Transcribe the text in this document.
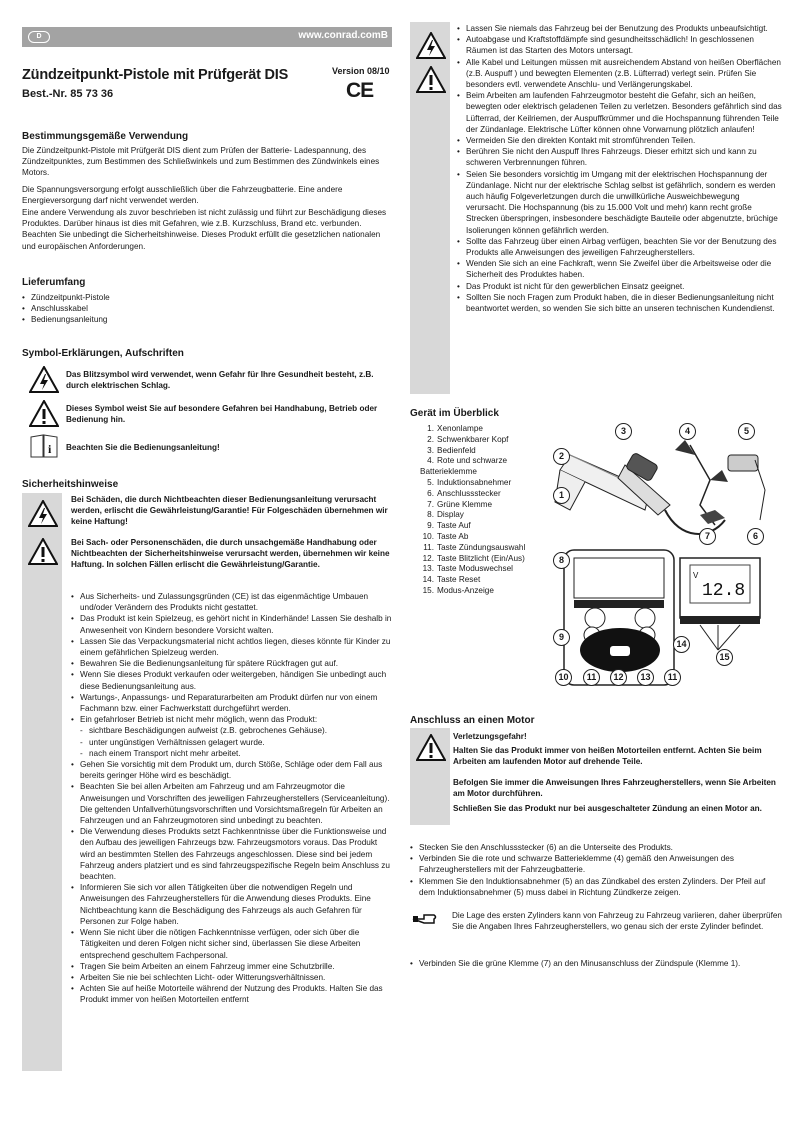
D	www.conrad.comB
Zündzeitpunkt-Pistole mit Prüfgerät DIS
Best.-Nr. 85 73 36
Version 08/10
CE
Bestimmungsgemäße Verwendung

Die Zündzeitpunkt-Pistole mit Prüfgerät DIS dient zum Prüfen der Batterie- Ladespannung, des Zündzeitpunktes, zum Bestimmen des Schließwinkels und zum Bestimmen des Zündwinkels eines Motors.

Die Spannungsversorgung erfolgt ausschließlich über die Fahrzeugbatterie. Eine andere Energieversorgung darf nicht verwendet werden.

Eine andere Verwendung als zuvor beschrieben ist nicht zulässig und führt zur Beschädigung dieses Produktes. Darüber hinaus ist dies mit Gefahren, wie z.B. Kurzschluss, Brand etc. verbunden. Beachten Sie unbedingt die Sicherheitshinweise. Dieses Produkt erfüllt die gesetzlichen nationalen und europäischen Anforderungen.

Lieferumfang
• Zündzeitpunkt-Pistole
• Anschlusskabel
• Bedienungsanleitung
Symbol-Erklärungen, Aufschriften

Das Blitzsymbol wird verwendet, wenn Gefahr für Ihre Gesundheit besteht, z.B. durch elektrischen Schlag.

Dieses Symbol weist Sie auf besondere Gefahren bei Handhabung, Betrieb oder Bedienung hin.

i Beachten Sie die Bedienungsanleitung!

Sicherheitshinweise

Bei Schäden, die durch Nichtbeachten dieser Bedienungsanleitung verursacht werden, erlischt die Gewährleistung/Garantie! Für Folgeschäden übernehmen wir keine Haftung!

Bei Sach- oder Personenschäden, die durch unsachgemäße Handhabung oder Nichtbeachten der Sicherheitshinweise verursacht werden, übernehmen wir keine Haftung. In solchen Fällen erlischt die Gewährleistung/Garantie.

• Aus Sicherheits- und Zulassungsgründen (CE) ist das eigenmächtige Umbauen und/oder Verändern des Produkts nicht gestattet.
• Das Produkt ist kein Spielzeug, es gehört nicht in Kinderhände! Lassen Sie deshalb in Anwesenheit von Kindern besondere Vorsicht walten.
• Lassen Sie das Verpackungsmaterial nicht achtlos liegen, dieses könnte für Kinder zu einem gefährlichen Spielzeug werden.
• Bewahren Sie die Bedienungsanleitung für spätere Rückfragen gut auf.
• Wenn Sie dieses Produkt verkaufen oder weitergeben, händigen Sie unbedingt auch diese Bedienungsanleitung aus.
• Wartungs-, Anpassungs- und Reparaturarbeiten am Produkt dürfen nur von einem Fachmann bzw. einer Fachwerkstatt durchgeführt werden.
• Ein gefahrloser Betrieb ist nicht mehr möglich, wenn das Produkt:
- sichtbare Beschädigungen aufweist (z.B. gebrochenes Gehäuse).
- unter ungünstigen Verhältnissen gelagert wurde.
- nach einem Transport nicht mehr arbeitet.
• Gehen Sie vorsichtig mit dem Produkt um, durch Stöße, Schläge oder dem Fall aus bereits geringer Höhe wird es beschädigt.
• Beachten Sie bei allen Arbeiten am Fahrzeug und am Fahrzeugmotor die Anweisungen und Vorschriften des jeweiligen Fahrzeugherstellers (Serviceanleitung). Die geltenden Unfallverhütungsvorschriften und Vorsichtsmaßregeln für Arbeiten an Fahrzeugen und an Fahrzeugmotoren sind unbedingt zu beachten.
• Die Verwendung dieses Produkts setzt Fachkenntnisse über die Funktionsweise und den Aufbau des jeweiligen Fahrzeugs bzw. Fahrzeugsmotors voraus. Das Produkt wird an bestimmten Stellen des Fahrzeugs angeschlossen. Diese sind bei jedem Fahrzeug anders platziert und es sind fahrzeugspezifische Regeln beim Anschluss zu beachten.
• Informieren Sie sich vor allen Tätigkeiten über die notwendigen Regeln und Anweisungen des Fahrzeugherstellers für die Anwendung dieses Produkts. Eine Nichtbeachtung kann die Beschädigung des Fahrzeugs als auch Gefahren für Personen zur Folge haben.
• Wenn Sie nicht über die nötigen Fachkenntnisse verfügen, oder sich über die Tätigkeiten und deren Folgen nicht sicher sind, überlassen Sie diese Arbeiten entsprechend geschultem Fachpersonal.
• Tragen Sie beim Arbeiten an einem Fahrzeug immer eine Schutzbrille.
• Arbeiten Sie nie bei schlechten Licht- oder Witterungsverhältnissen.
• Achten Sie auf heiße Motorteile während der Nutzung des Produkts. Halten Sie das Produkt immer von heißen Motorteilen entfernt
• Lassen Sie niemals das Fahrzeug bei der Benutzung des Produkts unbeaufsichtigt.
• Autoabgase und Kraftstoffdämpfe sind gesundheitsschädlich! In geschlossenen Räumen ist das Starten des Motors untersagt.
• Alle Kabel und Leitungen müssen mit ausreichendem Abstand von heißen Oberflächen (z.B. Auspuff ) und bewegten Elementen (z.B. Lüfterrad) verlegt sein. Prüfen Sie besonders evtl. verwendete Anschlu- und Verlängerungskabel.
• Beim Arbeiten am laufenden Fahrzeugmotor besteht die Gefahr, sich an heißen, bewegten oder elektrisch geladenen Teilen zu verletzen. Besonders gefährlich sind das Lüfterrad, der Keilriemen, der Auspuffkrümmer und die Hochspannung führenden Teile der Zündanlage. Elektrische Lüfter können ohne Vorwarnung plötzlich anlaufen!
• Vermeiden Sie den direkten Kontakt mit stromführenden Teilen.
• Berühren Sie nicht den Auspuff Ihres Fahrzeugs. Dieser erhitzt sich und kann zu schweren Verbrennungen führen.
• Seien Sie besonders vorsichtig im Umgang mit der elektrischen Hochspannung der Zündanlage. Nicht nur der elektrische Schlag selbst ist gefährlich, sondern es werden auch häufig Folgeverletzungen durch die unwillkürliche Ausweichbewegung verursacht. Die Hochspannung (bis zu 15.000 Volt und mehr) kann recht große Strecken überspringen, insbesondere beschädigte Bauteile oder abgenutzte, brüchige Isolierungen können gefährlich werden.
• Sollte das Fahrzeug über einen Airbag verfügen, beachten Sie vor der Benutzung des Produkts alle Anweisungen des jeweiligen Fahrzeugherstellers.
• Wenden Sie sich an eine Fachkraft, wenn Sie Zweifel über die Arbeitsweise oder die Sicherheit des Produktes haben.
• Das Produkt ist nicht für den gewerblichen Einsatz geeignet.
• Sollten Sie noch Fragen zum Produkt haben, die in dieser Bedienungsanleitung nicht beantwortet werden, so wenden Sie sich bitte an unseren technischen Kundendienst.
Gerät im Überblick
1. Xenonlampe
2. Schwenkbarer Kopf
3. Bedienfeld
4. Rote und schwarze Batterieklemme
5. Induktionsabnehmer
6. Anschlussstecker
7. Grüne Klemme
8. Display
9. Taste Auf
10. Taste Ab
11. Taste Zündungsauswahl
12. Taste Blitzlicht (Ein/Aus)
13. Taste Moduswechsel
14. Taste Reset
15. Modus-Anzeige	12.8
V
3	4	5
2
1
7	6
8
9
14
15
10	11	12	13	11
Anschluss an einen Motor

Verletzungsgefahr!

Halten Sie das Produkt immer von heißen Motorteilen entfernt. Achten Sie beim Arbeiten am laufenden Motor auf drehende Teile.

Befolgen Sie immer die Anweisungen Ihres Fahrzeugherstellers, wenn Sie Arbeiten am Motor durchführen.

Schließen Sie das Produkt nur bei ausgeschalteter Zündung an einen Motor an.

• Stecken Sie den Anschlussstecker (6) an die Unterseite des Produkts.
• Verbinden Sie die rote und schwarze Batterieklemme (4) gemäß den Anweisungen des Fahrzeugherstellers mit der Fahrzeugbatterie.
• Klemmen Sie den Induktionsabnehmer (5) an das Zündkabel des ersten Zylinders. Der Pfeil auf dem Induktionsabnehmer (5) muss dabei in Richtung Zündkerze zeigen.

Die Lage des ersten Zylinders kann von Fahrzeug zu Fahrzeug variieren, daher überprüfen Sie die Angaben Ihres Fahrzeugherstellers, wo genau sich der erste Zylinder befindet.

• Verbinden Sie die grüne Klemme (7) an den Minusanschluss der Zündspule (Klemme 1).
